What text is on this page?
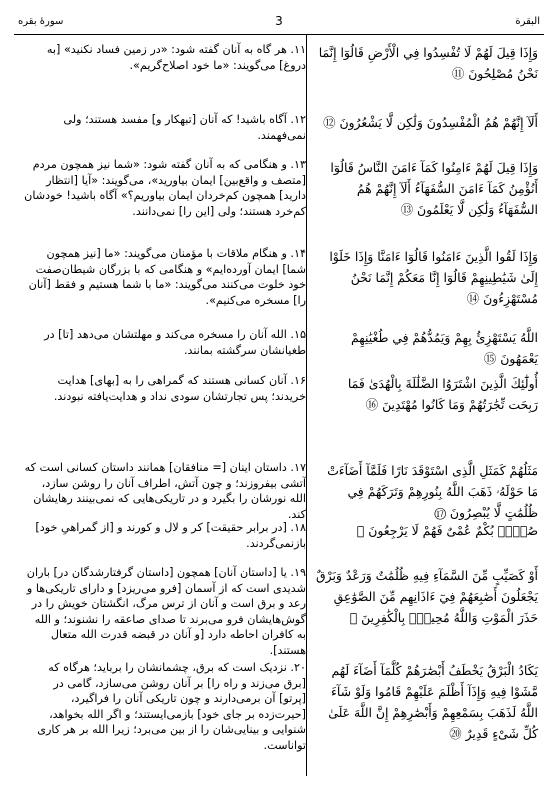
سورهٔ بقره	3	البقرة
۱۱. هر گاه به آنان گفته شود: «در زمین فساد نکنید» [به دروغ] می‌گویند: «ما خود اصلاح‌گریم».
وَإِذَا قِيلَ لَهُمْ لَا تُفْسِدُوا فِي الْأَرْضِ قَالُوٓا إِنَّمَا نَحْنُ مُصْلِحُونَ ⑪
۱۲. آگاه باشید! که آنان [تبهکار و] مفسد هستند؛ ولی نمی‌فهمند.
أَلَآ إِنَّهُمْ هُمُ الْمُفْسِدُونَ وَلَٰكِن لَّا يَشْعُرُونَ ⑫
۱۳. و هنگامی که به آنان گفته شود: «شما نیز همچون مردم [متصف و واقع‌بین] ایمان بیاورید»، می‌گویند: «آیا [انتظار دارید] همچون کم‌خردان ایمان بیاوریم؟» آگاه باشید! خودشان کم‌خرد هستند؛ ولی [این را] نمی‌دانند.
وَإِذَا قِيلَ لَهُمْ ءَامِنُوا كَمَآ ءَامَنَ النَّاسُ قَالُوٓا أَنُؤْمِنُ كَمَآ ءَامَنَ السُّفَهَآءُ أَلَآ إِنَّهُمْ هُمُ السُّفَهَآءُ وَلَٰكِن لَّا يَعْلَمُونَ ⑬
۱۴. و هنگام ملاقات با مؤمنان می‌گویند: «ما [نیز همچون شما] ایمان آورده‌ایم» و هنگامی که با بزرگان شیطان‌صفت خود خلوت می‌کنند می‌گویند: «ما با شما هستیم و فقط [آنان را] مسخره می‌کنیم».
وَإِذَا لَقُوا الَّذِينَ ءَامَنُوا قَالُوٓا ءَامَنَّا وَإِذَا خَلَوْا إِلَىٰ شَيَٰطِينِهِمْ قَالُوٓا إِنَّا مَعَكُمْ إِنَّمَا نَحْنُ مُسْتَهْزِءُونَ ⑭
۱۵. الله آنان را مسخره می‌کند و مهلتشان می‌دهد [تا] در طغیانشان سرگشته بمانند.
اللَّهُ يَسْتَهْزِئُ بِهِمْ وَيَمُدُّهُمْ فِي طُغْيَٰنِهِمْ يَعْمَهُونَ ⑮
۱۶. آنان کسانی هستند که گمراهی را به [بهای] هدایت خریدند؛ پس تجارتشان سودی نداد و هدایت‌یافته نبودند.
أُولَٰٓئِكَ الَّذِينَ اشْتَرَوُا الضَّلَٰلَةَ بِالْهُدَىٰ فَمَا رَبِحَت تِّجَٰرَتُهُمْ وَمَا كَانُوا مُهْتَدِينَ ⑯
۱۷. داستان اینان [= منافقان] همانند داستان کسانی است که آتشی بیفروزند؛ و چون آتش، اطراف آنان را روشن سازد، الله نورشان را بگیرد و در تاریکی‌هایی که نمی‌بینند رهایشان کند.
مَثَلُهُمْ كَمَثَلِ الَّذِى اسْتَوْقَدَ نَارًا فَلَمَّآ أَضَآءَتْ مَا حَوْلَهُۥ ذَهَبَ اللَّهُ بِنُورِهِمْ وَتَرَكَهُمْ فِي ظُلُمَٰتٍ لَّا يُبْصِرُونَ ⑰
۱۸. [در برابر حقیقت] کر و لال و کورند و [از گمراهیِ خود] بازنمی‌گردند.
صُمٌّۢ بُكْمٌ عُمْىٌ فَهُمْ لَا يَرْجِعُونَ ⑱
۱۹. یا [داستان آنان] همچون [داستان گرفتارشدگان در] باران شدیدی است که از آسمان [فرو می‌ریزد] و دارای تاریکی‌ها و رعد و برق است و آنان از ترس مرگ، انگشتان خویش را در گوش‌هایشان فرو می‌برند تا صدای صاعقه را نشنوند؛ و الله به کافران احاطه دارد [و آنان در قبضه قدرت الله متعال هستند].
أَوْ كَصَيِّبٍ مِّنَ السَّمَآءِ فِيهِ ظُلُمَٰتٌ وَرَعْدٌ وَبَرْقٌ يَجْعَلُونَ أَصَٰبِعَهُمْ فِيٓ ءَاذَانِهِم مِّنَ الصَّوَٰعِقِ حَذَرَ الْمَوْتِ وَاللَّهُ مُحِيطٌۢ بِالْكَٰفِرِينَ ⑲
۲۰. نزدیک است که برق، چشمانشان را برباید؛ هرگاه که [برق می‌زند و راه را] بر آنان روشن می‌سازد، گامی در [پرتو] آن برمی‌دارند و چون تاریکی آنان را فراگیرد، [حیرت‌زده بر جای خود] بازمی‌ایستند؛ و اگر الله بخواهد، شنوایی و بینایی‌شان را از بین می‌برد؛ زیرا الله بر هر کاری تواناست.
يَكَادُ الْبَرْقُ يَخْطَفُ أَبْصَٰرَهُمْ كُلَّمَآ أَضَآءَ لَهُم مَّشَوْا فِيهِ وَإِذَآ أَظْلَمَ عَلَيْهِمْ قَامُوا وَلَوْ شَآءَ اللَّهُ لَذَهَبَ بِسَمْعِهِمْ وَأَبْصَٰرِهِمْ إِنَّ اللَّهَ عَلَىٰ كُلِّ شَىْءٍ قَدِيرٌ ⑳
